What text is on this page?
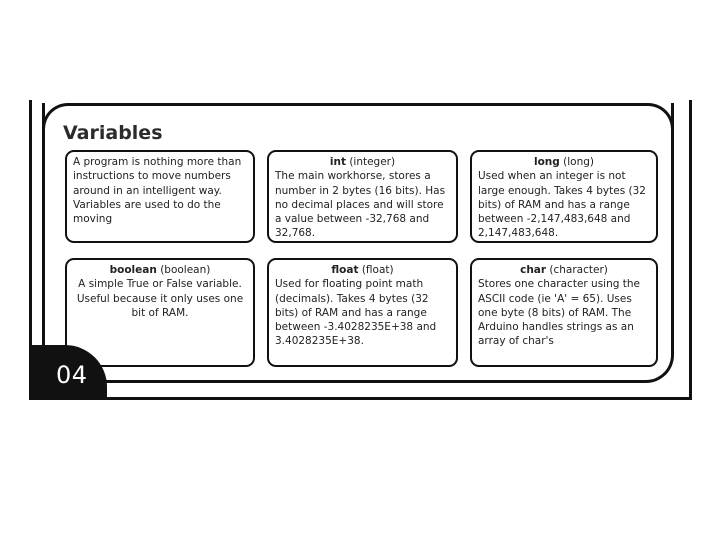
Variables
A program is nothing more than instructions to move numbers around in an intelligent way. Variables are used to do the moving
int (integer)
The main workhorse, stores a number in 2 bytes (16 bits). Has no decimal places and will store a value between -32,768 and 32,768.
long (long)
Used when an integer is not large enough. Takes 4 bytes (32 bits) of RAM and has a range between -2,147,483,648 and 2,147,483,648.
boolean (boolean)
A simple True or False variable. Useful because it only uses one bit of RAM.
float (float)
Used for floating point math (decimals). Takes 4 bytes (32 bits) of RAM and has a range between -3.4028235E+38 and 3.4028235E+38.
char (character)
Stores one character using the ASCII code (ie 'A' = 65). Uses one byte (8 bits) of RAM. The Arduino handles strings as an array of char's
04
